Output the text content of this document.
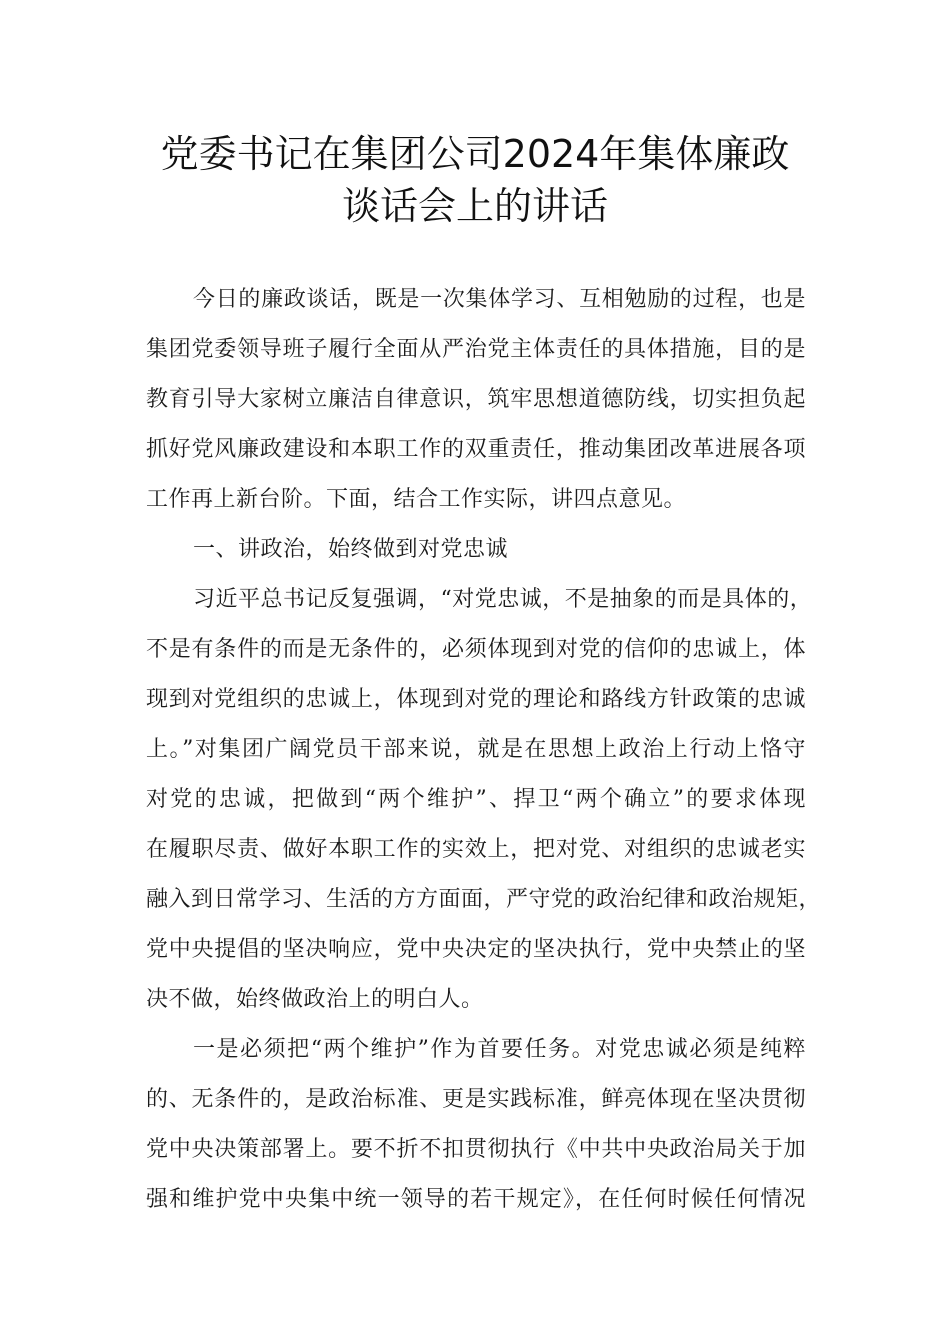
党委书记在集团公司2024年集体廉政
谈话会上的讲话
今日的廉政谈话，既是一次集体学习、互相勉励的过程，也是
集团党委领导班子履行全面从严治党主体责任的具体措施，目的是
教育引导大家树立廉洁自律意识，筑牢思想道德防线，切实担负起
抓好党风廉政建设和本职工作的双重责任，推动集团改革进展各项
工作再上新台阶。下面，结合工作实际，讲四点意见。
一、讲政治，始终做到对党忠诚
习近平总书记反复强调，“对党忠诚，不是抽象的而是具体的，
不是有条件的而是无条件的，必须体现到对党的信仰的忠诚上，体
现到对党组织的忠诚上，体现到对党的理论和路线方针政策的忠诚
上。”对集团广阔党员干部来说，就是在思想上政治上行动上恪守
对党的忠诚，把做到“两个维护”、捍卫“两个确立”的要求体现
在履职尽责、做好本职工作的实效上，把对党、对组织的忠诚老实
融入到日常学习、生活的方方面面，严守党的政治纪律和政治规矩，
党中央提倡的坚决响应，党中央决定的坚决执行，党中央禁止的坚
决不做，始终做政治上的明白人。
一是必须把“两个维护”作为首要任务。对党忠诚必须是纯粹
的、无条件的，是政治标准、更是实践标准，鲜亮体现在坚决贯彻
党中央决策部署上。要不折不扣贯彻执行《中共中央政治局关于加
强和维护党中央集中统一领导的若干规定》，在任何时候任何情况
